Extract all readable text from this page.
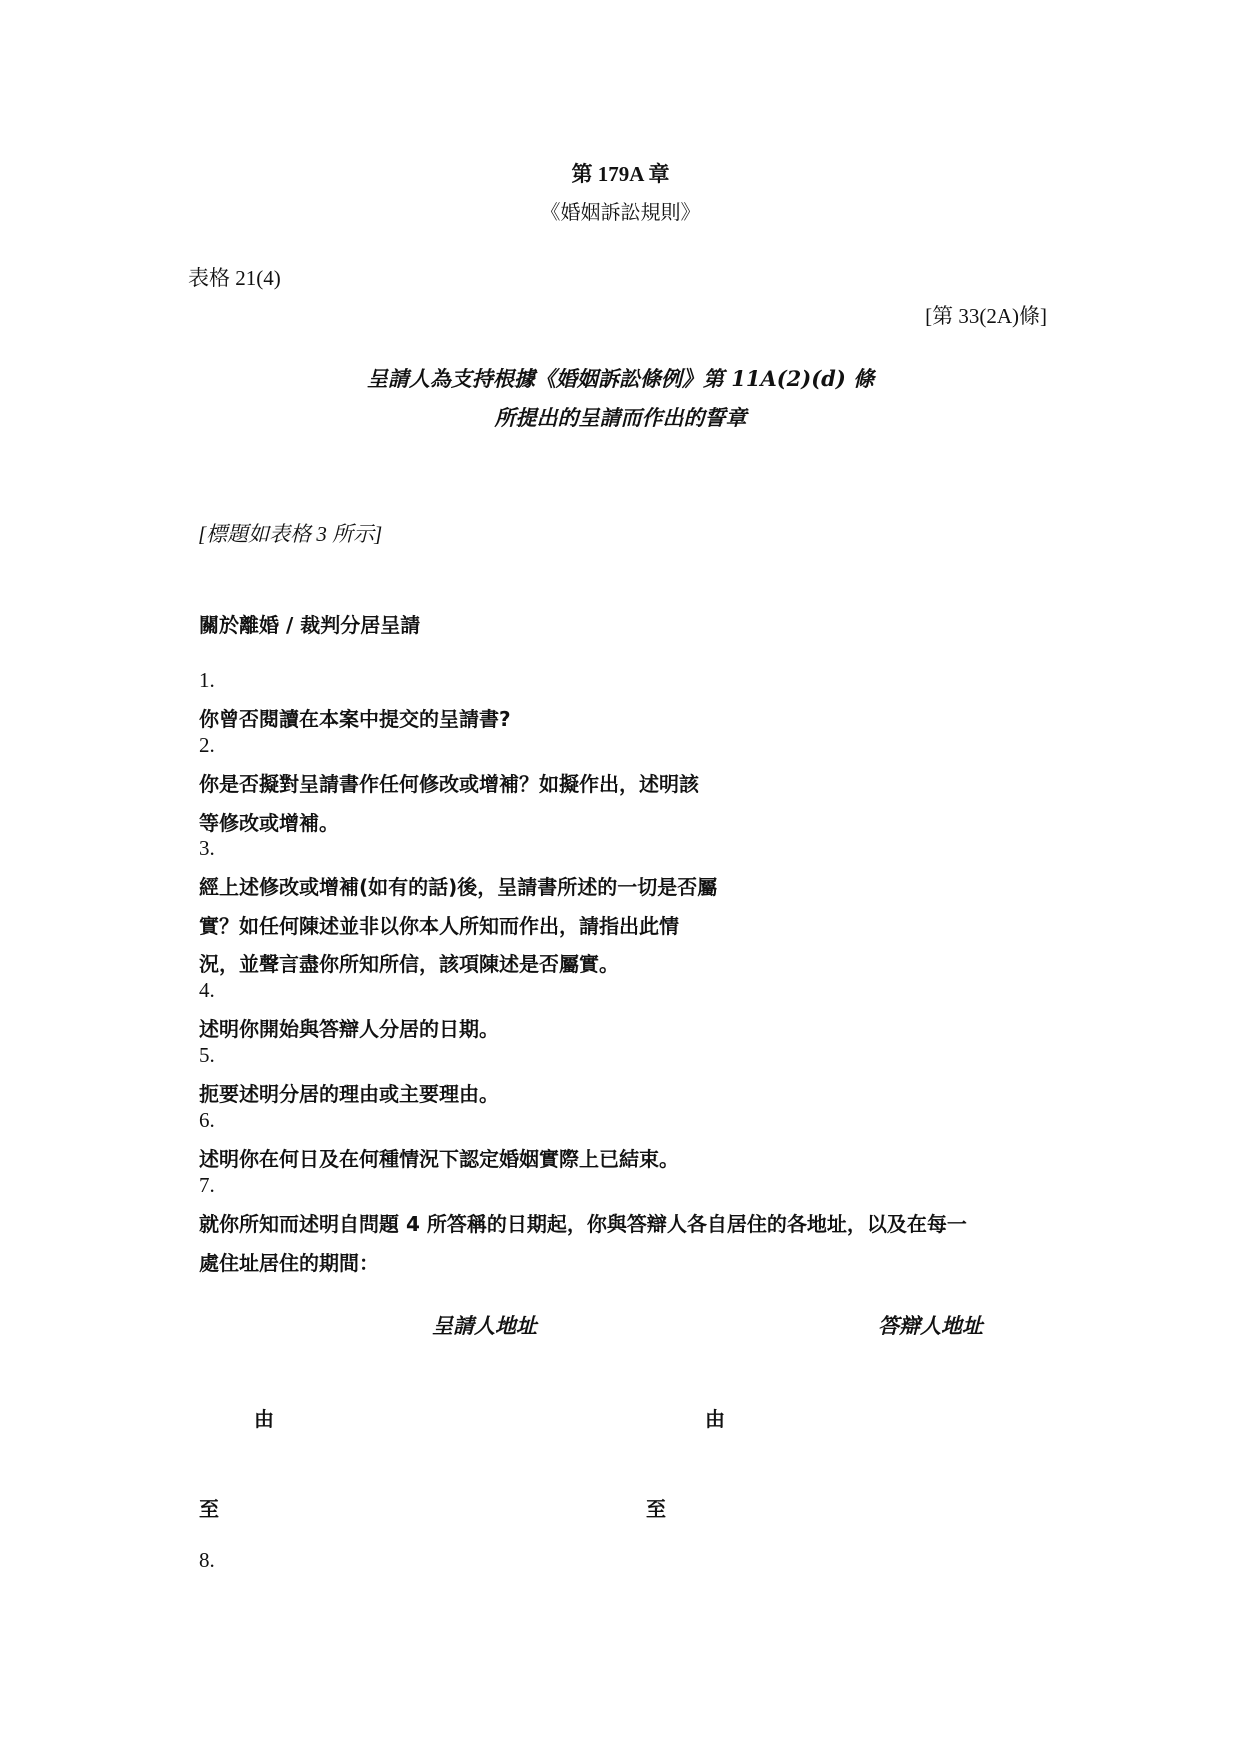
第 179A 章
《婚姻訴訟規則》
表格 21(4)
[第 33(2A)條]
呈請人為支持根據《婚姻訴訟條例》第 11A(2)(d) 條
所提出的呈請而作出的誓章
[標題如表格 3 所示]
關於離婚 / 裁判分居呈請
1.
你曾否閱讀在本案中提交的呈請書?
2.
你是否擬對呈請書作任何修改或增補？如擬作出，述明該
等修改或增補。
3.
經上述修改或增補(如有的話)後，呈請書所述的一切是否屬
實？如任何陳述並非以你本人所知而作出，請指出此情
況，並聲言盡你所知所信，該項陳述是否屬實。
4.
述明你開始與答辯人分居的日期。
5.
扼要述明分居的理由或主要理由。
6.
述明你在何日及在何種情況下認定婚姻實際上已結束。
7.
就你所知而述明自問題 4 所答稱的日期起，你與答辯人各自居住的各地址，以及在每一
處住址居住的期間：
呈請人地址	答辯人地址
由	由
至	至
8.
